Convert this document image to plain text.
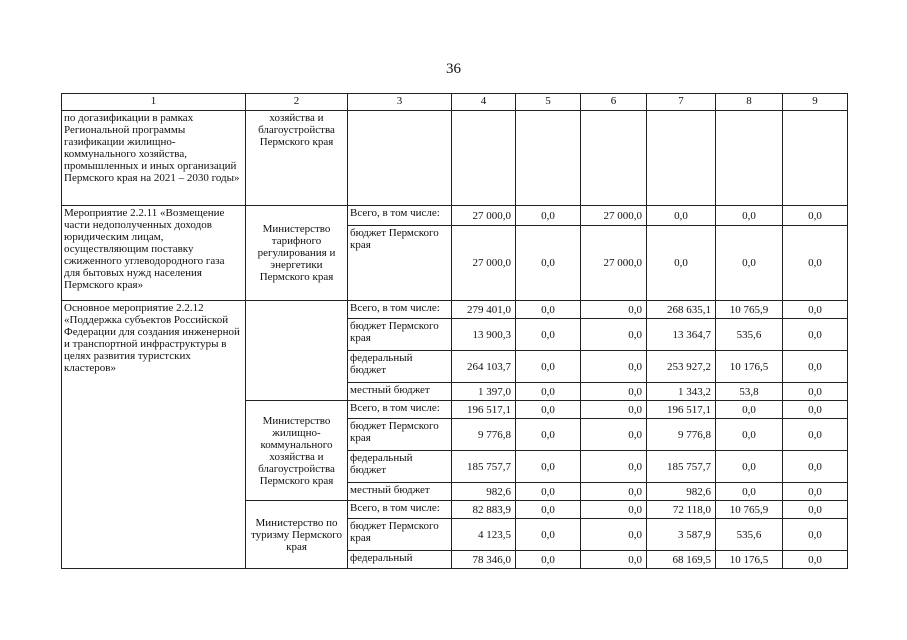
36
1	2	3	4	5	6	7	8	9
по догазификации в рамках Региональной программы газификации жилищно-коммунального хозяйства, промышленных и иных организаций Пермского края на 2021 – 2030 годы»	хозяйства и благоустройства Пермского края							
Мероприятие 2.2.11 «Возмещение части недополученных доходов юридическим лицам, осуществляющим поставку сжиженного углеводородного газа для бытовых нужд населения Пермского края»	Министерство тарифного регулирования и энергетики Пермского края	Всего, в том числе:	27 000,0	0,0	27 000,0	0,0	0,0	0,0
		бюджет Пермского края	27 000,0	0,0	27 000,0	0,0	0,0	0,0
Основное мероприятие 2.2.12 «Поддержка субъектов Российской Федерации для создания инженерной и транспортной инфраструктуры в целях развития туристских кластеров»		Всего, в том числе:	279 401,0	0,0	0,0	268 635,1	10 765,9	0,0
		бюджет Пермского края	13 900,3	0,0	0,0	13 364,7	535,6	0,0
		федеральный бюджет	264 103,7	0,0	0,0	253 927,2	10 176,5	0,0
		местный бюджет	1 397,0	0,0	0,0	1 343,2	53,8	0,0
	Министерство жилищно-коммунального хозяйства и благоустройства Пермского края	Всего, в том числе:	196 517,1	0,0	0,0	196 517,1	0,0	0,0
		бюджет Пермского края	9 776,8	0,0	0,0	9 776,8	0,0	0,0
		федеральный бюджет	185 757,7	0,0	0,0	185 757,7	0,0	0,0
		местный бюджет	982,6	0,0	0,0	982,6	0,0	0,0
	Министерство по туризму Пермского края	Всего, в том числе:	82 883,9	0,0	0,0	72 118,0	10 765,9	0,0
		бюджет Пермского края	4 123,5	0,0	0,0	3 587,9	535,6	0,0
		федеральный	78 346,0	0,0	0,0	68 169,5	10 176,5	0,0
